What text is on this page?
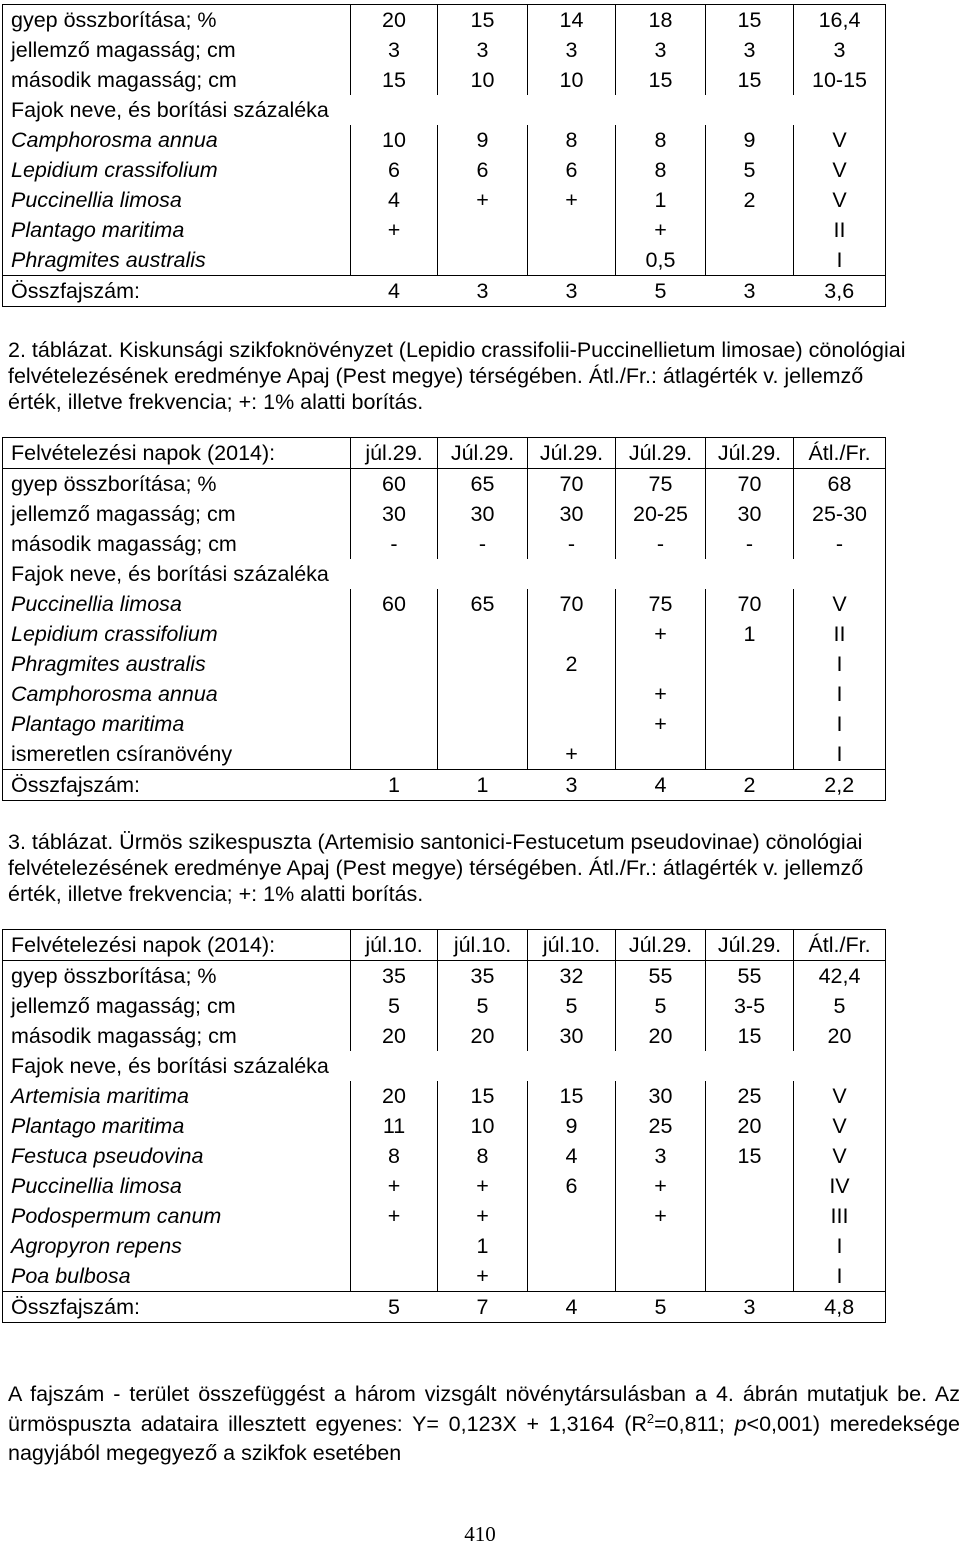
gyep összborítása; %	20	15	14	18	15	16,4
jellemző magasság; cm	3	3	3	3	3	3
második magasság; cm	15	10	10	15	15	10-15
Fajok neve, és borítási százaléka						
Camphorosma annua	10	9	8	8	9	V
Lepidium crassifolium	6	6	6	8	5	V
Puccinellia limosa	4	+	+	1	2	V
Plantago maritima	+			+		II
Phragmites australis				0,5		I
Összfajszám:	4	3	3	5	3	3,6
2. táblázat. Kiskunsági szikfoknövényzet (Lepidio crassifolii-Puccinellietum limosae) cönológiai felvételezésének eredménye Apaj (Pest megye) térségében. Átl./Fr.: átlagérték v. jellemző érték, illetve frekvencia; +: 1% alatti borítás.
Felvételezési napok (2014):	júl.29.	Júl.29.	Júl.29.	Júl.29.	Júl.29.	Átl./Fr.
gyep összborítása; %	60	65	70	75	70	68
jellemző magasság; cm	30	30	30	20-25	30	25-30
második magasság; cm	-	-	-	-	-	-
Fajok neve, és borítási százaléka						
Puccinellia limosa	60	65	70	75	70	V
Lepidium crassifolium				+	1	II
Phragmites australis			2			I
Camphorosma annua				+		I
Plantago maritima				+		I
ismeretlen csíranövény			+			I
Összfajszám:	1	1	3	4	2	2,2
3. táblázat. Ürmös szikespuszta (Artemisio santonici-Festucetum pseudovinae) cönológiai felvételezésének eredménye Apaj (Pest megye) térségében. Átl./Fr.: átlagérték v. jellemző érték, illetve frekvencia; +: 1% alatti borítás.
Felvételezési napok (2014):	júl.10.	júl.10.	júl.10.	Júl.29.	Júl.29.	Átl./Fr.
gyep összborítása; %	35	35	32	55	55	42,4
jellemző magasság; cm	5	5	5	5	3-5	5
második magasság; cm	20	20	30	20	15	20
Fajok neve, és borítási százaléka						
Artemisia maritima	20	15	15	30	25	V
Plantago maritima	11	10	9	25	20	V
Festuca pseudovina	8	8	4	3	15	V
Puccinellia limosa	+	+	6	+		IV
Podospermum canum	+	+		+		III
Agropyron repens		1				I
Poa bulbosa		+				I
Összfajszám:	5	7	4	5	3	4,8
A fajszám - terület összefüggést a három vizsgált növénytársulásban a 4. ábrán mutatjuk be. Az ürmöspuszta adataira illesztett egyenes: Y= 0,123X + 1,3164 ($R^2=0,811$; p<0,001) meredeksége nagyjából megegyező a szikfok esetében
410
